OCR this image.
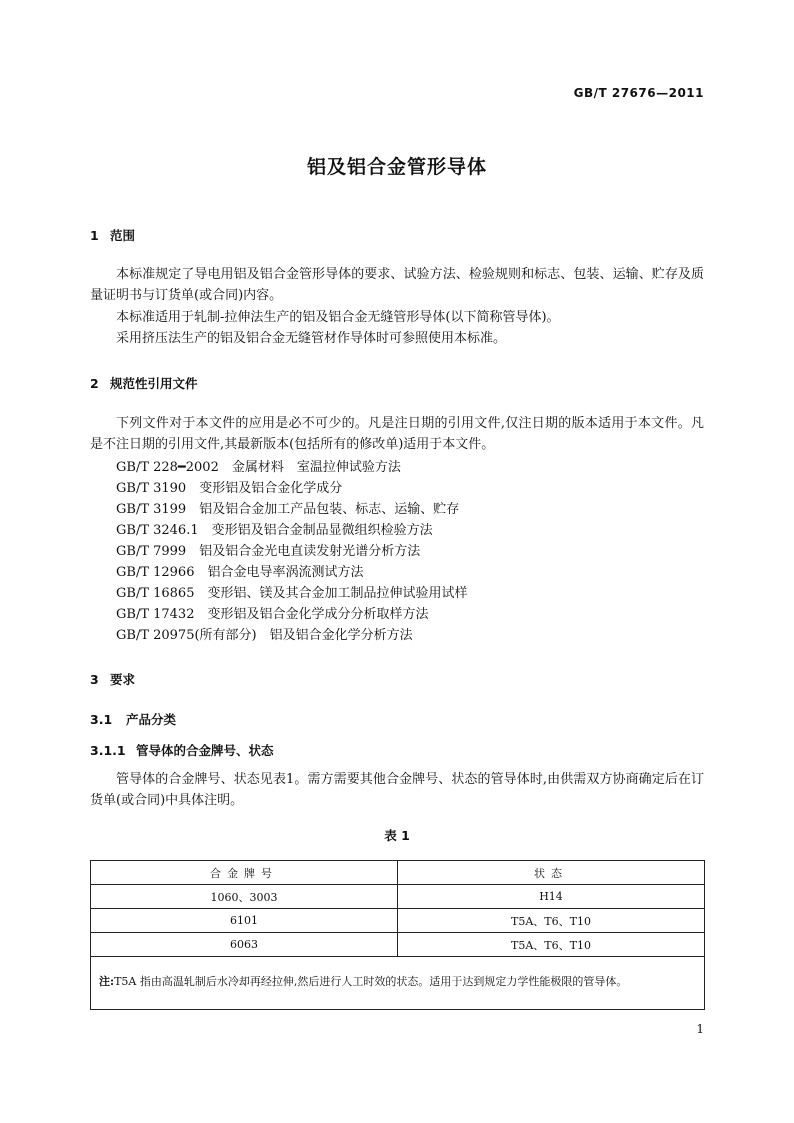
GB/T 27676—2011
铝及铝合金管形导体
1 范围
本标准规定了导电用铝及铝合金管形导体的要求、试验方法、检验规则和标志、包装、运输、贮存及质量证明书与订货单(或合同)内容。
本标准适用于轧制-拉伸法生产的铝及铝合金无缝管形导体(以下简称管导体)。
采用挤压法生产的铝及铝合金无缝管材作导体时可参照使用本标准。
2 规范性引用文件
下列文件对于本文件的应用是必不可少的。凡是注日期的引用文件,仅注日期的版本适用于本文件。凡是不注日期的引用文件,其最新版本(包括所有的修改单)适用于本文件。
GB/T 228━2002　金属材料　室温拉伸试验方法
GB/T 3190　变形铝及铝合金化学成分
GB/T 3199　铝及铝合金加工产品包装、标志、运输、贮存
GB/T 3246.1　变形铝及铝合金制品显微组织检验方法
GB/T 7999　铝及铝合金光电直读发射光谱分析方法
GB/T 12966　铝合金电导率涡流测试方法
GB/T 16865　变形铝、镁及其合金加工制品拉伸试验用试样
GB/T 17432　变形铝及铝合金化学成分分析取样方法
GB/T 20975(所有部分)　铝及铝合金化学分析方法
3 要求
3.1 产品分类
3.1.1 管导体的合金牌号、状态
管导体的合金牌号、状态见表1。需方需要其他合金牌号、状态的管导体时,由供需双方协商确定后在订货单(或合同)中具体注明。
表 1
合金牌号	状态
1060、3003	H14
6101	T5A、T6、T10
6063	T5A、T6、T10
注:T5A 指由高温轧制后水冷却再经拉伸,然后进行人工时效的状态。适用于达到规定力学性能极限的管导体。	
1
